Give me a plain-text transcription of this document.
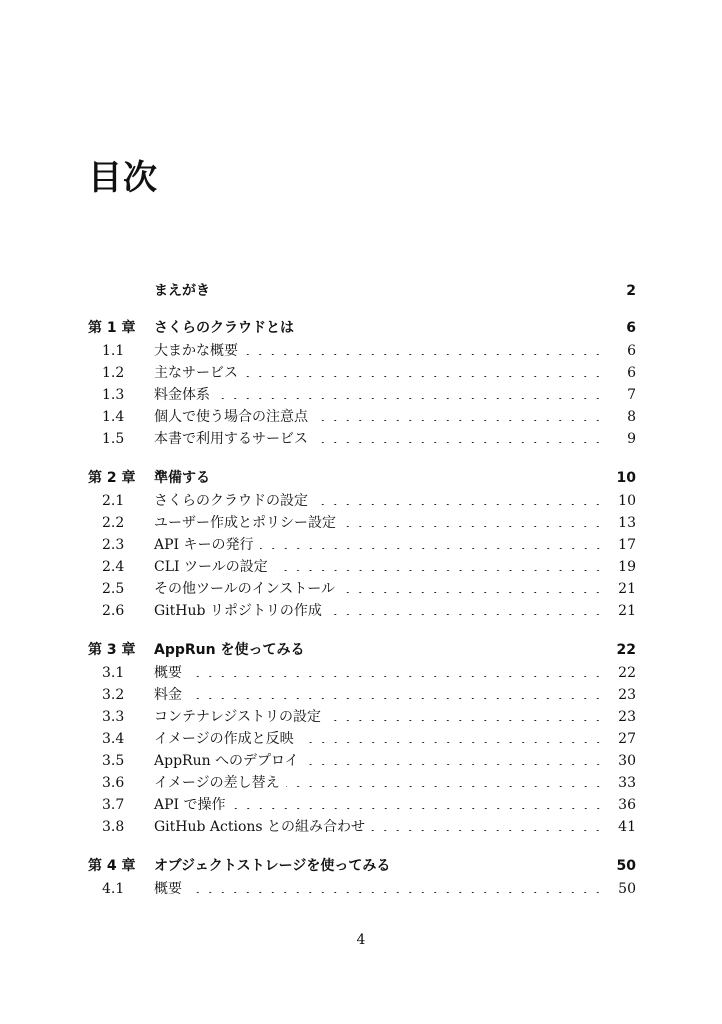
目次
まえがき	2
第 1 章	さくらのクラウドとは	6
1.1	大まかな概要	6
1.2	主なサービス	6
1.3	料金体系	7
1.4	個人で使う場合の注意点	8
1.5	本書で利用するサービス	9
第 2 章	準備する	10
2.1	さくらのクラウドの設定	10
2.2	ユーザー作成とポリシー設定	13
2.3	API キーの発行	17
2.4	CLI ツールの設定	19
2.5	その他ツールのインストール	21
2.6	GitHub リポジトリの作成	21
第 3 章	AppRun を使ってみる	22
3.1	概要	22
3.2	料金	23
3.3	コンテナレジストリの設定	23
3.4	イメージの作成と反映	27
3.5	AppRun へのデプロイ	30
3.6	イメージの差し替え	33
3.7	API で操作	36
3.8	GitHub Actions との組み合わせ	41
第 4 章	オブジェクトストレージを使ってみる	50
4.1	概要	50
4
